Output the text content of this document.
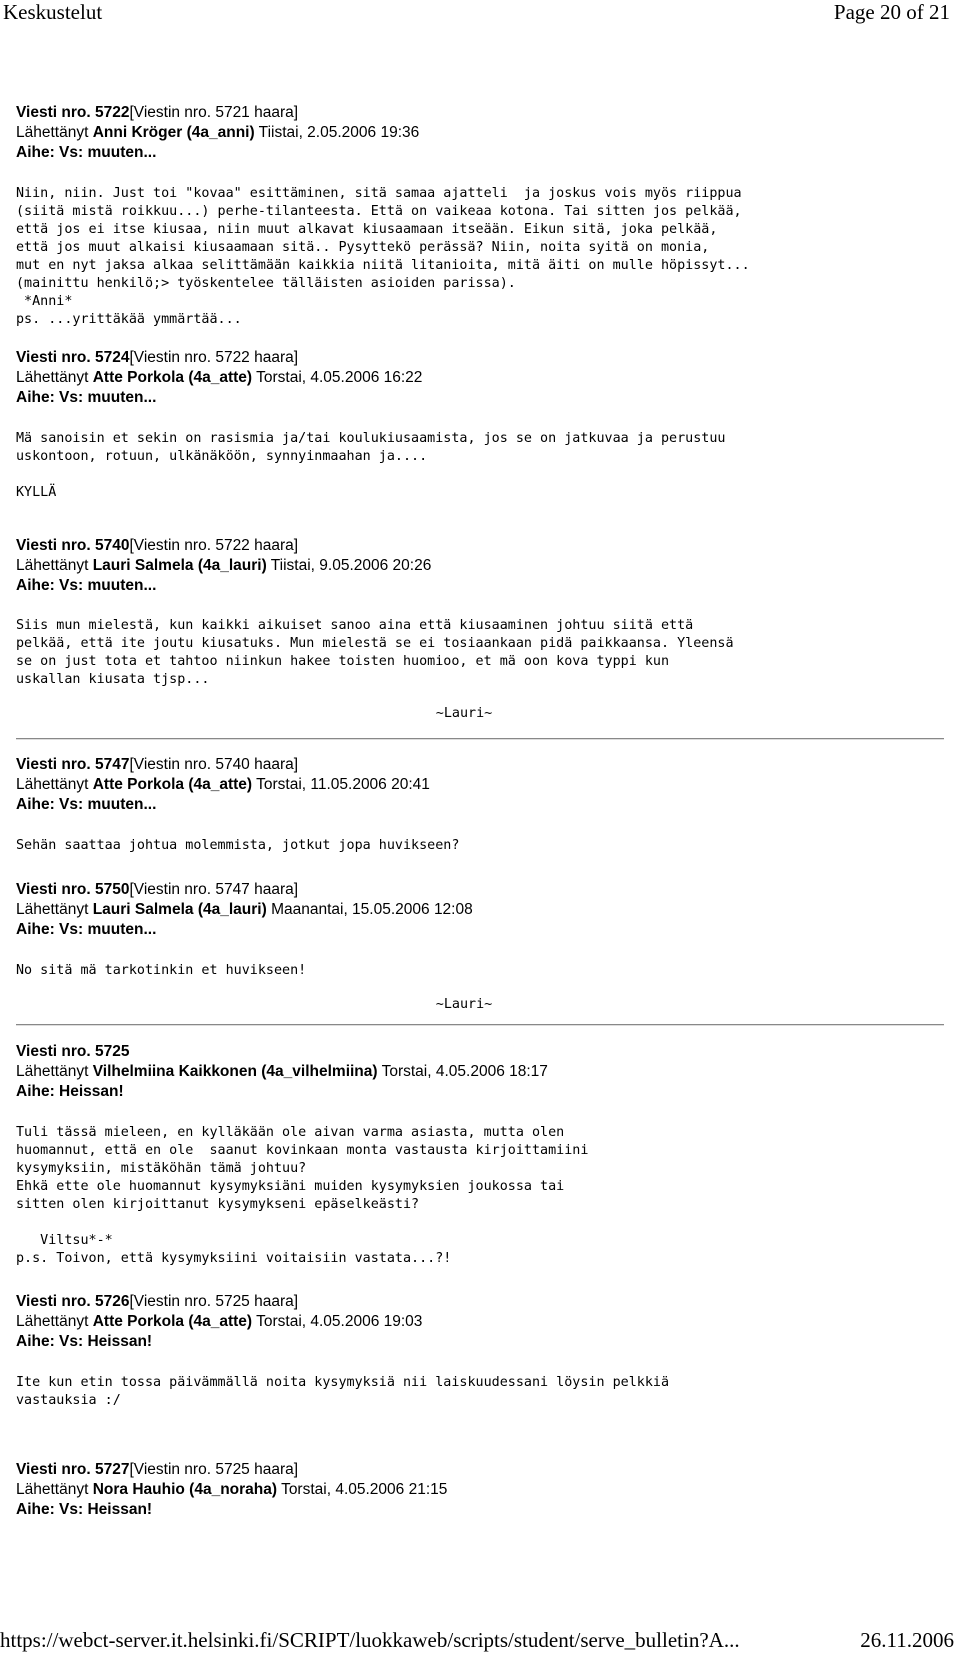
Keskustelut	Page 20 of 21
Viesti nro. 5722[Viestin nro. 5721 haara]
Lähettänyt Anni Kröger (4a_anni) Tiistai, 2.05.2006 19:36
Aihe: Vs: muuten...
Niin, niin. Just toi "kovaa" esittäminen, sitä samaa ajatteli  ja joskus vois myös riippua
(siitä mistä roikkuu...) perhe-tilanteesta. Että on vaikeaa kotona. Tai sitten jos pelkää,
että jos ei itse kiusaa, niin muut alkavat kiusaamaan itseään. Eikun sitä, joka pelkää,
että jos muut alkaisi kiusaamaan sitä.. Pysyttekö perässä? Niin, noita syitä on monia,
mut en nyt jaksa alkaa selittämään kaikkia niitä litanioita, mitä äiti on mulle höpissyt...
(mainittu henkilö;> työskentelee tälläisten asioiden parissa).
*Anni*
ps. ...yrittäkää ymmärtää...
Viesti nro. 5724[Viestin nro. 5722 haara]
Lähettänyt Atte Porkola (4a_atte) Torstai, 4.05.2006 16:22
Aihe: Vs: muuten...
Mä sanoisin et sekin on rasismia ja/tai koulukiusaamista, jos se on jatkuvaa ja perustuu
uskontoon, rotuun, ulkänäköön, synnyinmaahan ja....

KYLLÄ
Viesti nro. 5740[Viestin nro. 5722 haara]
Lähettänyt Lauri Salmela (4a_lauri) Tiistai, 9.05.2006 20:26
Aihe: Vs: muuten...
Siis mun mielestä, kun kaikki aikuiset sanoo aina että kiusaaminen johtuu siitä että
pelkää, että ite joutu kiusatuks. Mun mielestä se ei tosiaankaan pidä paikkaansa. Yleensä
se on just tota et tahtoo niinkun hakee toisten huomioo, et mä oon kova typpi kun
uskallan kiusata tjsp...
~Lauri~
Viesti nro. 5747[Viestin nro. 5740 haara]
Lähettänyt Atte Porkola (4a_atte) Torstai, 11.05.2006 20:41
Aihe: Vs: muuten...
Sehän saattaa johtua molemmista, jotkut jopa huvikseen?
Viesti nro. 5750[Viestin nro. 5747 haara]
Lähettänyt Lauri Salmela (4a_lauri) Maanantai, 15.05.2006 12:08
Aihe: Vs: muuten...
No sitä mä tarkotinkin et huvikseen!
~Lauri~
Viesti nro. 5725
Lähettänyt Vilhelmiina Kaikkonen (4a_vilhelmiina) Torstai, 4.05.2006 18:17
Aihe: Heissan!
Tuli tässä mieleen, en kylläkään ole aivan varma asiasta, mutta olen
huomannut, että en ole  saanut kovinkaan monta vastausta kirjoittamiini
kysymyksiin, mistäköhän tämä johtuu?
Ehkä ette ole huomannut kysymyksiäni muiden kysymyksien joukossa tai
sitten olen kirjoittanut kysymykseni epäselkeästi?

Viltsu*-*
p.s. Toivon, että kysymyksiini voitaisiin vastata...?!
Viesti nro. 5726[Viestin nro. 5725 haara]
Lähettänyt Atte Porkola (4a_atte) Torstai, 4.05.2006 19:03
Aihe: Vs: Heissan!
Ite kun etin tossa päivämmällä noita kysymyksiä nii laiskuudessani löysin pelkkiä
vastauksia :/
Viesti nro. 5727[Viestin nro. 5725 haara]
Lähettänyt Nora Hauhio (4a_noraha) Torstai, 4.05.2006 21:15
Aihe: Vs: Heissan!
https://webct-server.it.helsinki.fi/SCRIPT/luokkaweb/scripts/student/serve_bulletin?A...	26.11.2006
